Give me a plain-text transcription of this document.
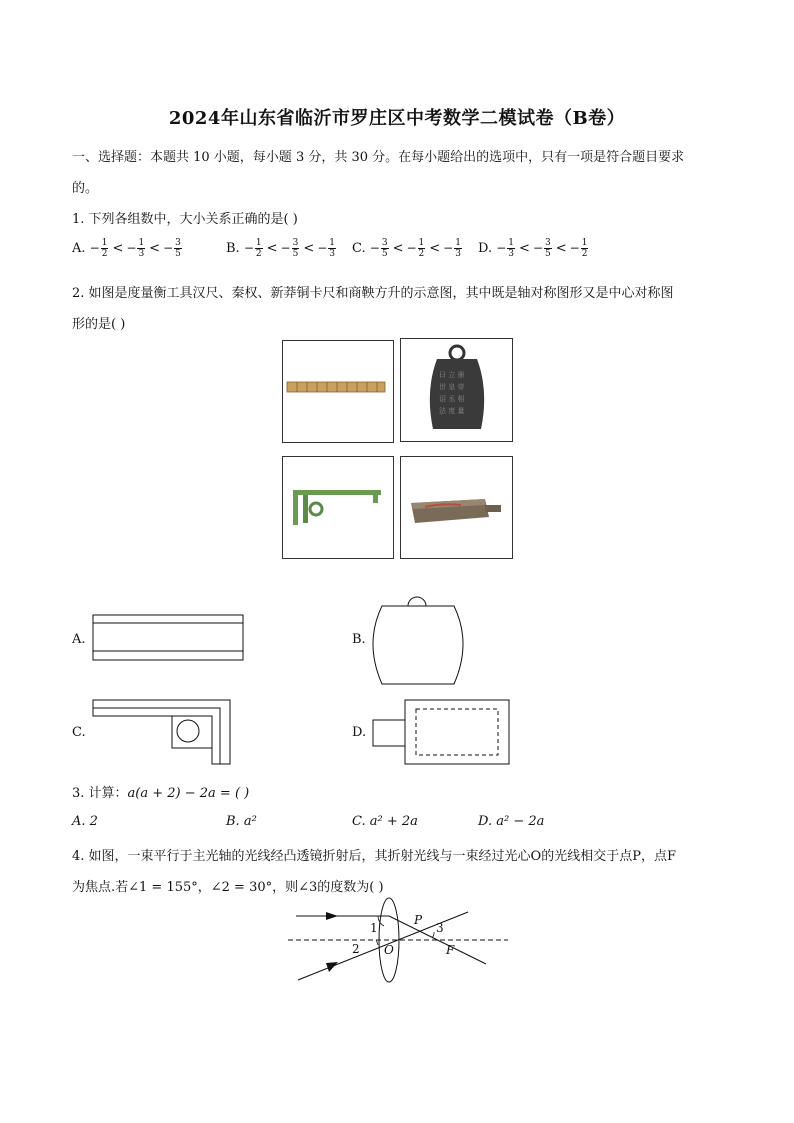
2024年山东省临沂市罗庄区中考数学二模试卷（B卷）
一、选择题：本题共 10 小题，每小题 3 分，共 30 分。在每小题给出的选项中，只有一项是符合题目要求
的。
1. 下列各组数中，大小关系正确的是( )
A. − $\frac{1}{2}$ < − $\frac{1}{3}$ < − $\frac{3}{5}$	B. − $\frac{1}{2}$ < − $\frac{3}{5}$ < − $\frac{1}{3} C$. − $\frac{3}{5}$ < − $\frac{1}{2}$ < − $\frac{1}{3} D$. − $\frac{1}{3}$ < − $\frac{3}{5}$ < − $\frac{1}{2}$
2. 如图是度量衡工具汉尺、秦权、新莽铜卡尺和商鞅方升的示意图，其中既是轴对称图形又是中心对称图
形的是( )
曰 立 卌
丗 皇 帝
诏 丞 相
法 度 量
A.	B.
C.	D.
3. 计算：a(a + 2) − 2a = ( )
A. 2	B. a²	C. a² + 2a	D. a² − 2a
4. 如图，一束平行于主光轴的光线经凸透镜折射后，其折射光线与一束经过光心O的光线相交于点P，点F
为焦点.若∠1 = 155°，∠2 = 30°，则∠3的度数为( )
1
2
3
O
P
F
